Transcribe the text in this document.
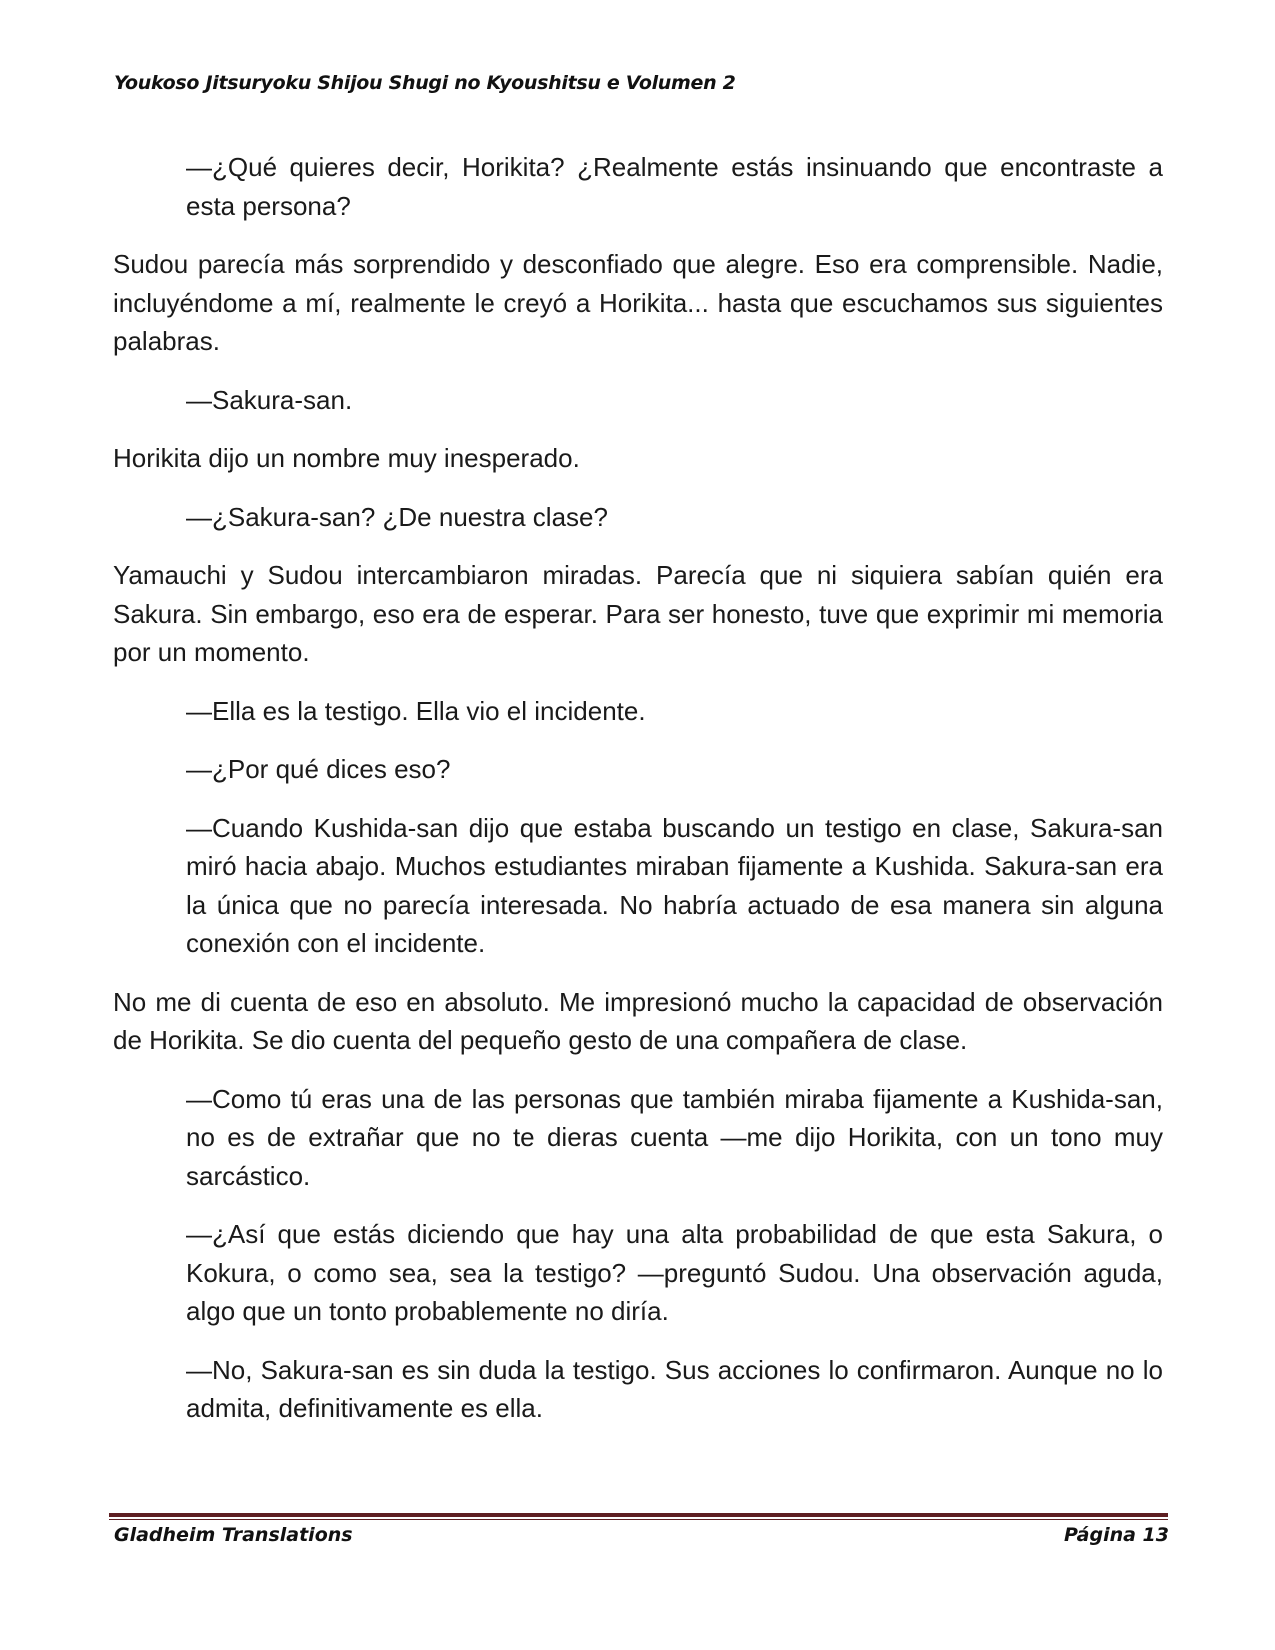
Youkoso Jitsuryoku Shijou Shugi no Kyoushitsu e Volumen 2

—¿Qué quieres decir, Horikita? ¿Realmente estás insinuando que encontraste a esta persona?

Sudou parecía más sorprendido y desconfiado que alegre. Eso era comprensible. Nadie, incluyéndome a mí, realmente le creyó a Horikita... hasta que escuchamos sus siguientes palabras.

—Sakura-san.

Horikita dijo un nombre muy inesperado.

—¿Sakura-san? ¿De nuestra clase?

Yamauchi y Sudou intercambiaron miradas. Parecía que ni siquiera sabían quién era Sakura. Sin embargo, eso era de esperar. Para ser honesto, tuve que exprimir mi memoria por un momento.

—Ella es la testigo. Ella vio el incidente.

—¿Por qué dices eso?

—Cuando Kushida-san dijo que estaba buscando un testigo en clase, Sakura-san miró hacia abajo. Muchos estudiantes miraban fijamente a Kushida. Sakura-san era la única que no parecía interesada. No habría actuado de esa manera sin alguna conexión con el incidente.

No me di cuenta de eso en absoluto. Me impresionó mucho la capacidad de observación de Horikita. Se dio cuenta del pequeño gesto de una compañera de clase.

—Como tú eras una de las personas que también miraba fijamente a Kushida-san, no es de extrañar que no te dieras cuenta —me dijo Horikita, con un tono muy sarcástico.

—¿Así que estás diciendo que hay una alta probabilidad de que esta Sakura, o Kokura, o como sea, sea la testigo? —preguntó Sudou. Una observación aguda, algo que un tonto probablemente no diría.

—No, Sakura-san es sin duda la testigo. Sus acciones lo confirmaron. Aunque no lo admita, definitivamente es ella.

Gladheim Translations	Página 13
